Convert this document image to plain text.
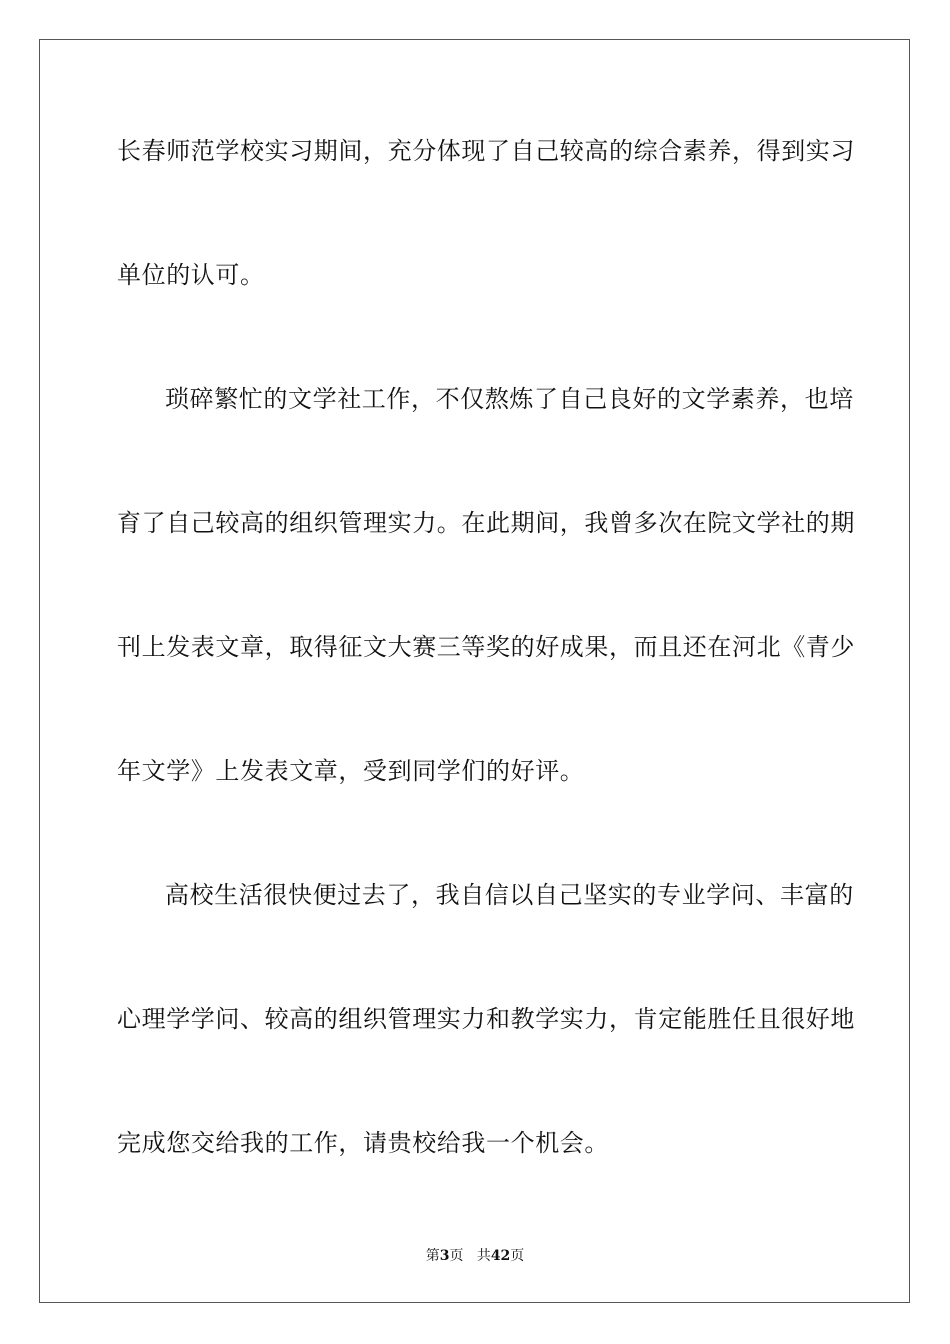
长春师范学校实习期间，充分体现了自己较高的综合素养，得到实习
单位的认可。
琐碎繁忙的文学社工作，不仅熬炼了自己良好的文学素养，也培
育了自己较高的组织管理实力。在此期间，我曾多次在院文学社的期
刊上发表文章，取得征文大赛三等奖的好成果，而且还在河北《青少
年文学》上发表文章，受到同学们的好评。
高校生活很快便过去了，我自信以自己坚实的专业学问、丰富的
心理学学问、较高的组织管理实力和教学实力，肯定能胜任且很好地
完成您交给我的工作，请贵校给我一个机会。
第3页 共42页
